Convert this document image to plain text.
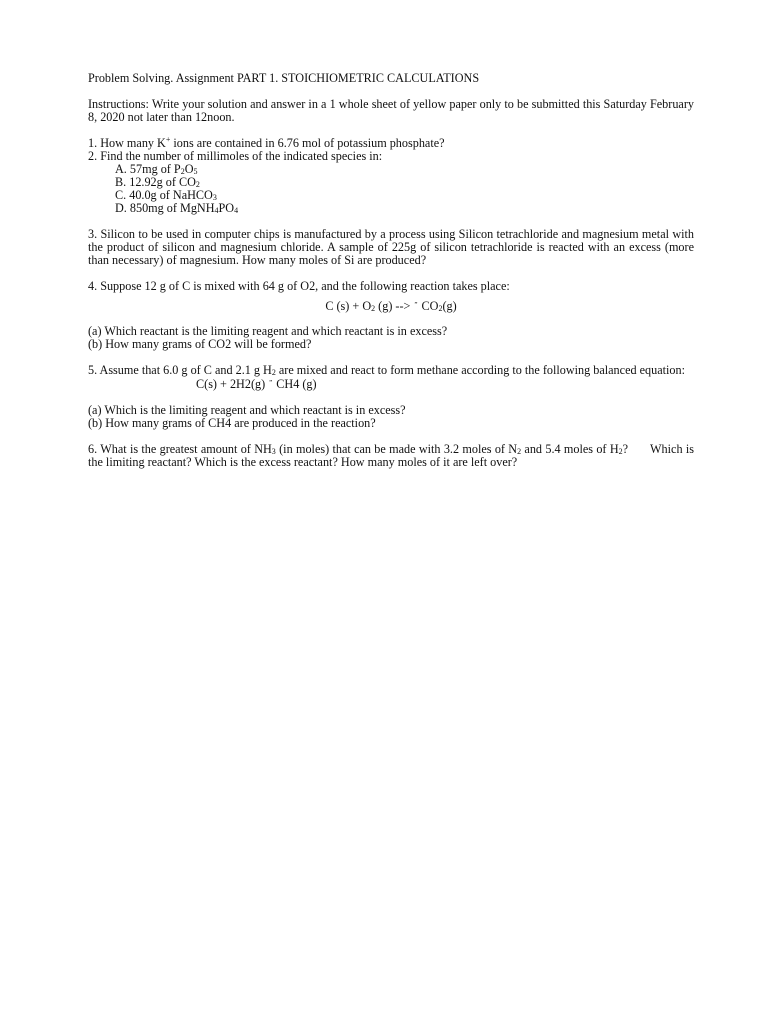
Problem Solving. Assignment PART 1. STOICHIOMETRIC CALCULATIONS

Instructions: Write your solution and answer in a 1 whole sheet of yellow paper only to be submitted this Saturday February 8, 2020 not later than 12noon.

1. How many K+ ions are contained in 6.76 mol of potassium phosphate?

2. Find the number of millimoles of the indicated species in:

A. 57mg of P2O5

B. 12.92g of CO2

C. 40.0g of NaHCO3

D. 850mg of MgNH4PO4

3. Silicon to be used in computer chips is manufactured by a process using Silicon tetrachloride and magnesium metal with the product of silicon and magnesium chloride. A sample of 225g of silicon tetrachloride is reacted with an excess (more than necessary) of magnesium. How many moles of Si are produced?

4. Suppose 12 g of C is mixed with 64 g of O2, and the following reaction takes place:

C (s) + O2 (g) --> ” CO2(g)

(a) Which reactant is the limiting reagent and which reactant is in excess?

(b) How many grams of CO2 will be formed?

5. Assume that 6.0 g of C and 2.1 g H2 are mixed and react to form methane according to the following balanced equation:

C(s) + 2H2(g) ” CH4 (g)

(a) Which is the limiting reagent and which reactant is in excess?

(b) How many grams of CH4 are produced in the reaction?

6. What is the greatest amount of NH3 (in moles) that can be made with 3.2 moles of N2 and 5.4 moles of H2? Which is the limiting reactant? Which is the excess reactant? How many moles of it are left over?
